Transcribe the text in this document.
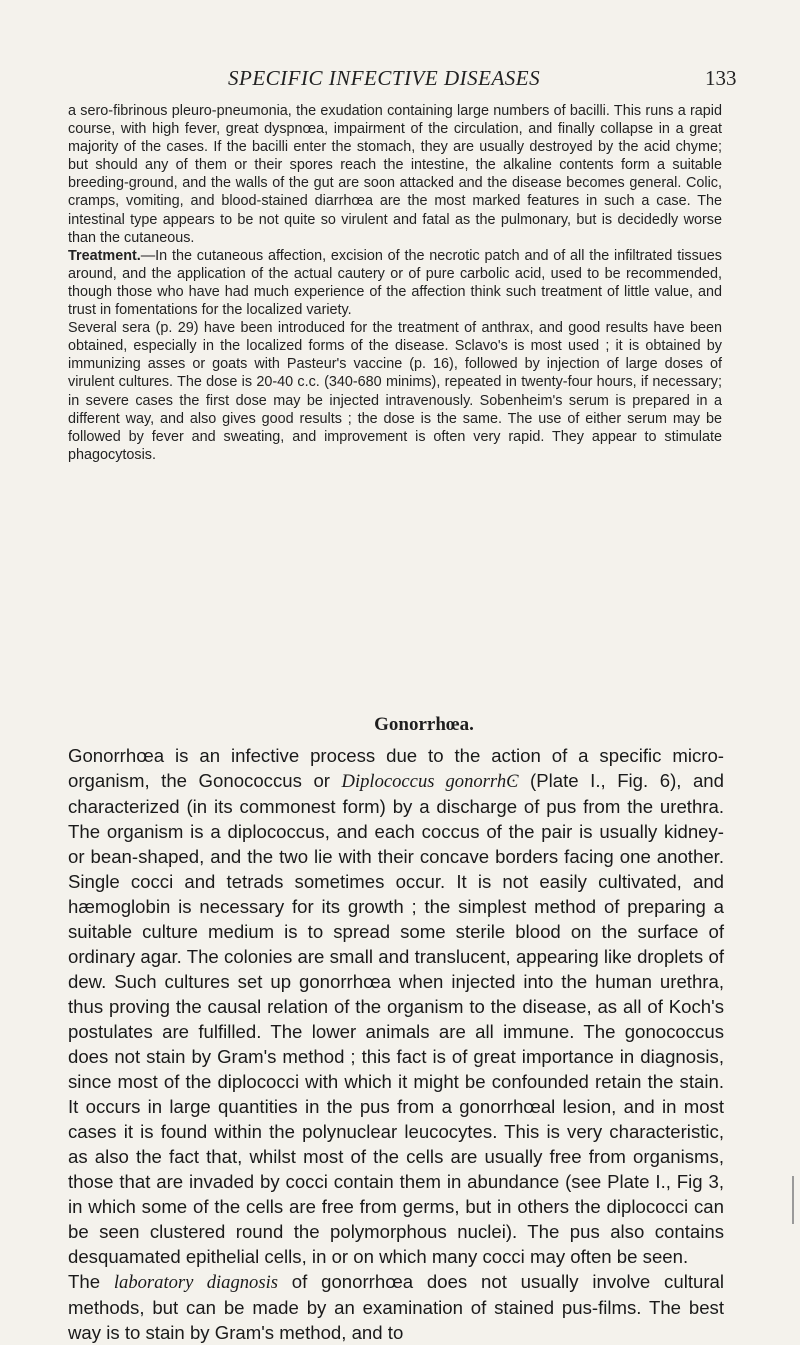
SPECIFIC INFECTIVE DISEASES	133

a sero-fibrinous pleuro-pneumonia, the exudation containing large numbers of bacilli. This runs a rapid course, with high fever, great dyspnœa, impairment of the circulation, and finally collapse in a great majority of the cases. If the bacilli enter the stomach, they are usually destroyed by the acid chyme; but should any of them or their spores reach the intestine, the alkaline contents form a suitable breeding-ground, and the walls of the gut are soon attacked and the disease becomes general. Colic, cramps, vomiting, and blood-stained diarrhœa are the most marked features in such a case. The intestinal type appears to be not quite so virulent and fatal as the pulmonary, but is decidedly worse than the cutaneous.

Treatment.—In the cutaneous affection, excision of the necrotic patch and of all the infiltrated tissues around, and the application of the actual cautery or of pure carbolic acid, used to be recommended, though those who have had much experience of the affection think such treatment of little value, and trust in fomentations for the localized variety.

Several sera (p. 29) have been introduced for the treatment of anthrax, and good results have been obtained, especially in the localized forms of the disease. Sclavo's is most used ; it is obtained by immunizing asses or goats with Pasteur's vaccine (p. 16), followed by injection of large doses of virulent cultures. The dose is 20-40 c.c. (340-680 minims), repeated in twenty-four hours, if necessary; in severe cases the first dose may be injected intravenously. Sobenheim's serum is prepared in a different way, and also gives good results ; the dose is the same. The use of either serum may be followed by fever and sweating, and improvement is often very rapid. They appear to stimulate phagocytosis.

Gonorrhœa.

Gonorrhœa is an infective process due to the action of a specific micro-organism, the Gonococcus or Diplococcus gonorrhϾ (Plate I., Fig. 6), and characterized (in its commonest form) by a discharge of pus from the urethra. The organism is a diplococcus, and each coccus of the pair is usually kidney- or bean-shaped, and the two lie with their concave borders facing one another. Single cocci and tetrads sometimes occur. It is not easily cultivated, and hæmoglobin is necessary for its growth ; the simplest method of preparing a suitable culture medium is to spread some sterile blood on the surface of ordinary agar. The colonies are small and translucent, appearing like droplets of dew. Such cultures set up gonorrhœa when injected into the human urethra, thus proving the causal relation of the organism to the disease, as all of Koch's postulates are fulfilled. The lower animals are all immune. The gonococcus does not stain by Gram's method ; this fact is of great importance in diagnosis, since most of the diplococci with which it might be confounded retain the stain. It occurs in large quantities in the pus from a gonorrhœal lesion, and in most cases it is found within the polynuclear leucocytes. This is very characteristic, as also the fact that, whilst most of the cells are usually free from organisms, those that are invaded by cocci contain them in abundance (see Plate I., Fig 3, in which some of the cells are free from germs, but in others the diplococci can be seen clustered round the polymorphous nuclei). The pus also contains desquamated epithelial cells, in or on which many cocci may often be seen.

The laboratory diagnosis of gonorrhœa does not usually involve cultural methods, but can be made by an examination of stained pus-films. The best way is to stain by Gram's method, and to
